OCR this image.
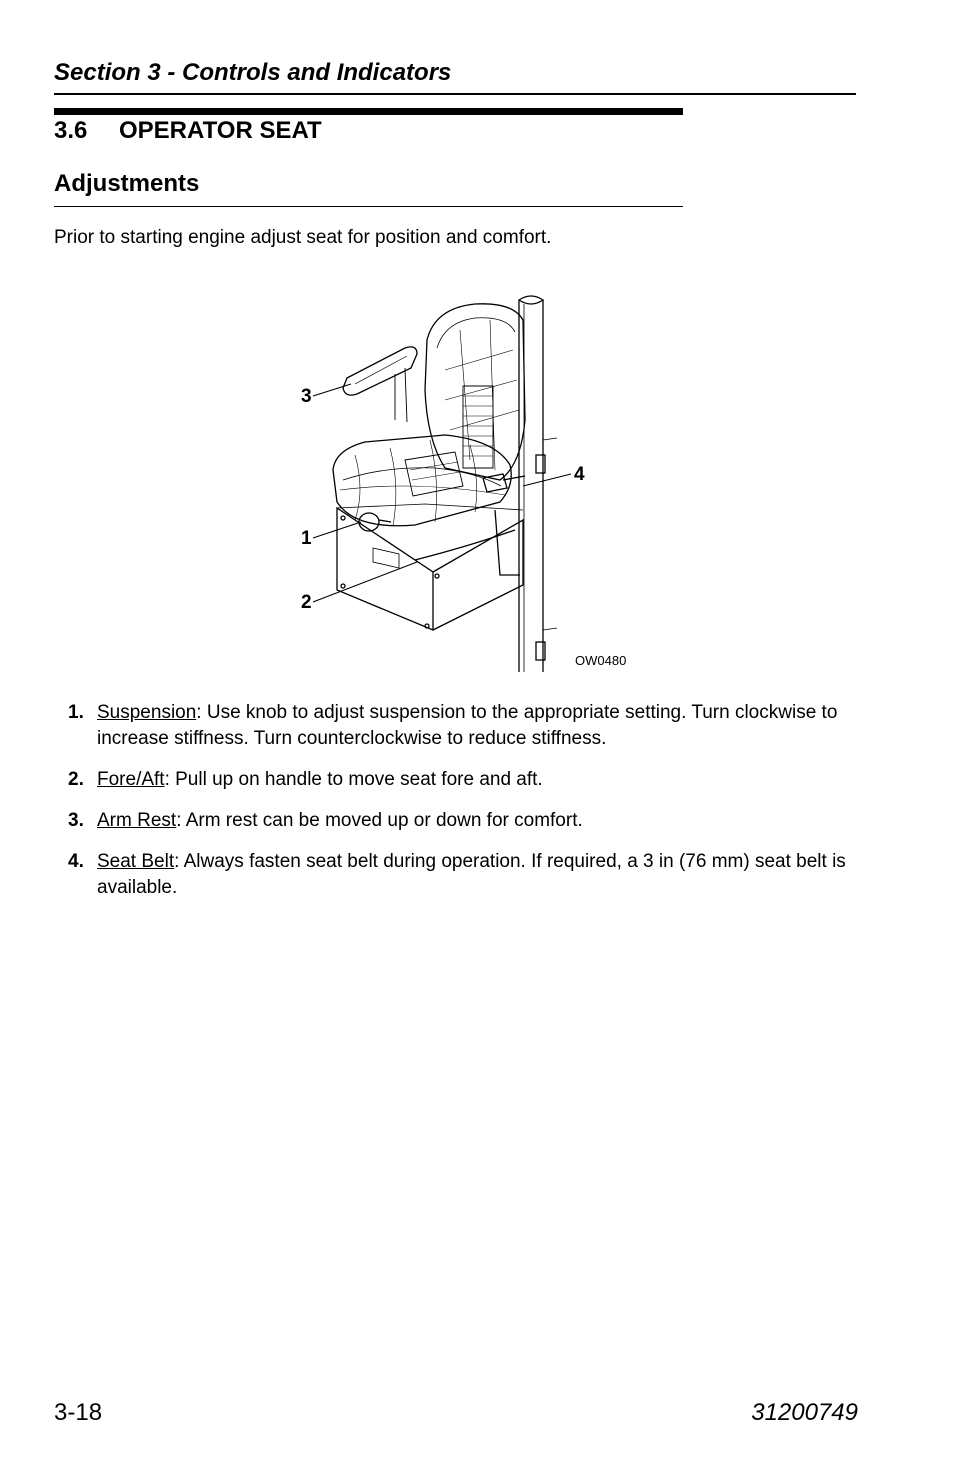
Section 3 - Controls and Indicators
3.6 OPERATOR SEAT
Adjustments
Prior to starting engine adjust seat for position and comfort.
3
1
2
4
OW0480
1. Suspension: Use knob to adjust suspension to the appropriate setting. Turn clockwise to increase stiffness. Turn counterclockwise to reduce stiffness.
2. Fore/Aft: Pull up on handle to move seat fore and aft.
3. Arm Rest: Arm rest can be moved up or down for comfort.
4. Seat Belt: Always fasten seat belt during operation. If required, a 3 in (76 mm) seat belt is available.
3-18	31200749
